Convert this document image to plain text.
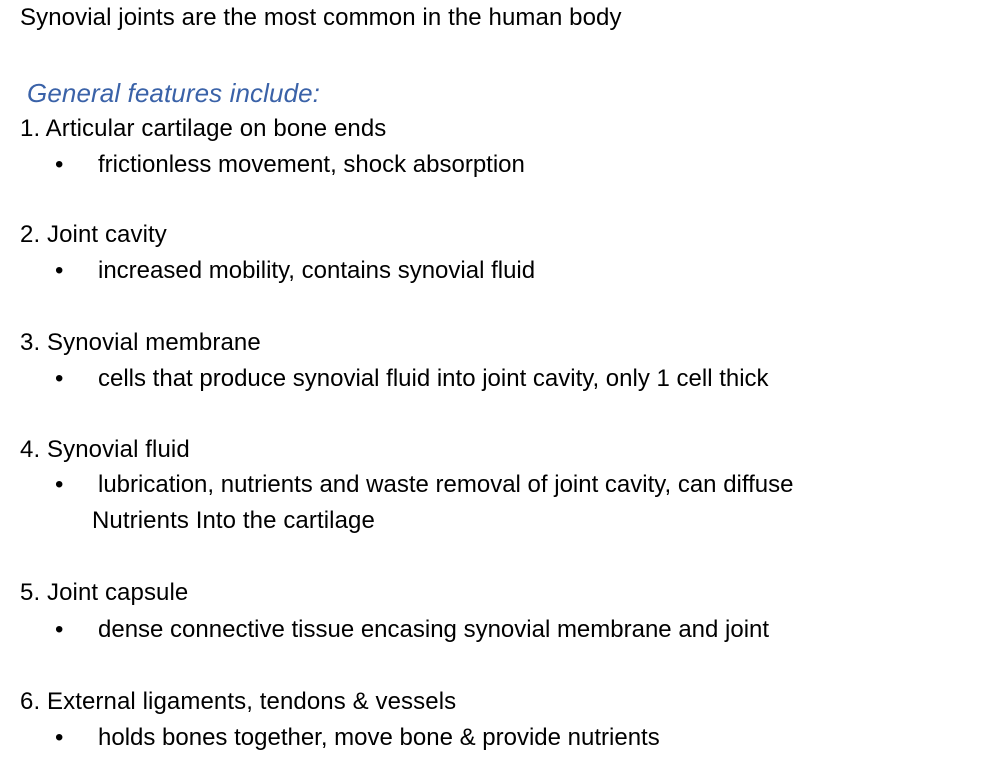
Synovial joints are the most common in the human body
General features include:
1. Articular cartilage on bone ends
• frictionless movement, shock absorption
2. Joint cavity
• increased mobility, contains synovial fluid
3. Synovial membrane
• cells that produce synovial fluid into joint cavity, only 1 cell thick
4. Synovial fluid
• lubrication, nutrients and waste removal of joint cavity, can diffuse
Nutrients Into the cartilage
5. Joint capsule
• dense connective tissue encasing synovial membrane and joint
6. External ligaments, tendons & vessels
• holds bones together, move bone & provide nutrients
